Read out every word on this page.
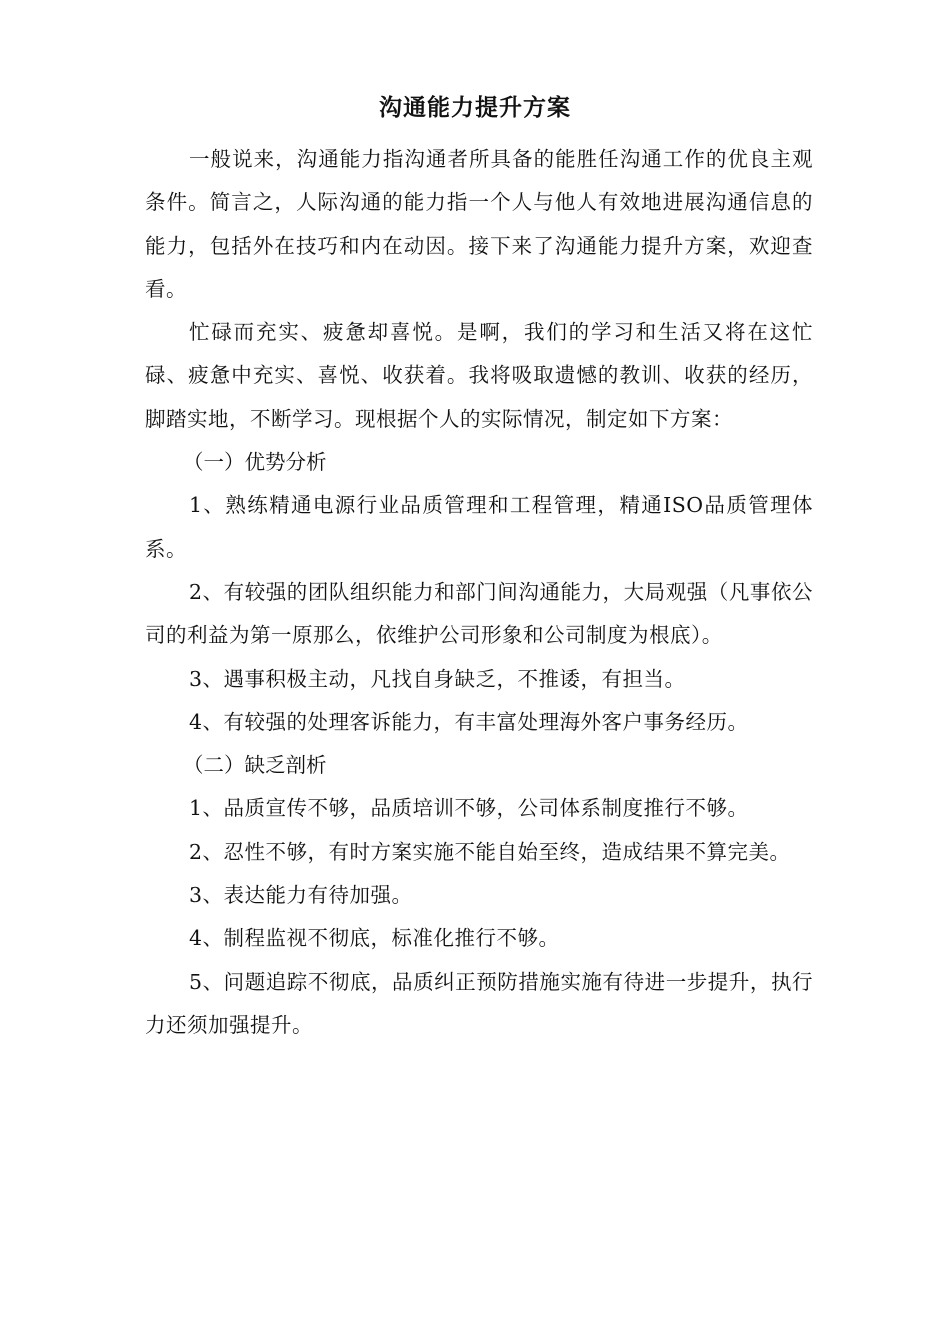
沟通能力提升方案

一般说来，沟通能力指沟通者所具备的能胜任沟通工作的优良主观条件。简言之，人际沟通的能力指一个人与他人有效地进展沟通信息的能力，包括外在技巧和内在动因。接下来了沟通能力提升方案，欢迎查看。

忙碌而充实、疲惫却喜悦。是啊，我们的学习和生活又将在这忙碌、疲惫中充实、喜悦、收获着。我将吸取遗憾的教训、收获的经历，脚踏实地，不断学习。现根据个人的实际情况，制定如下方案：

（一）优势分析

1、熟练精通电源行业品质管理和工程管理，精通ISO品质管理体系。

2、有较强的团队组织能力和部门间沟通能力，大局观强（凡事依公司的利益为第一原那么，依维护公司形象和公司制度为根底）。

3、遇事积极主动，凡找自身缺乏，不推诿，有担当。

4、有较强的处理客诉能力，有丰富处理海外客户事务经历。

（二）缺乏剖析

1、品质宣传不够，品质培训不够，公司体系制度推行不够。

2、忍性不够，有时方案实施不能自始至终，造成结果不算完美。

3、表达能力有待加强。

4、制程监视不彻底，标准化推行不够。

5、问题追踪不彻底，品质纠正预防措施实施有待进一步提升，执行力还须加强提升。
